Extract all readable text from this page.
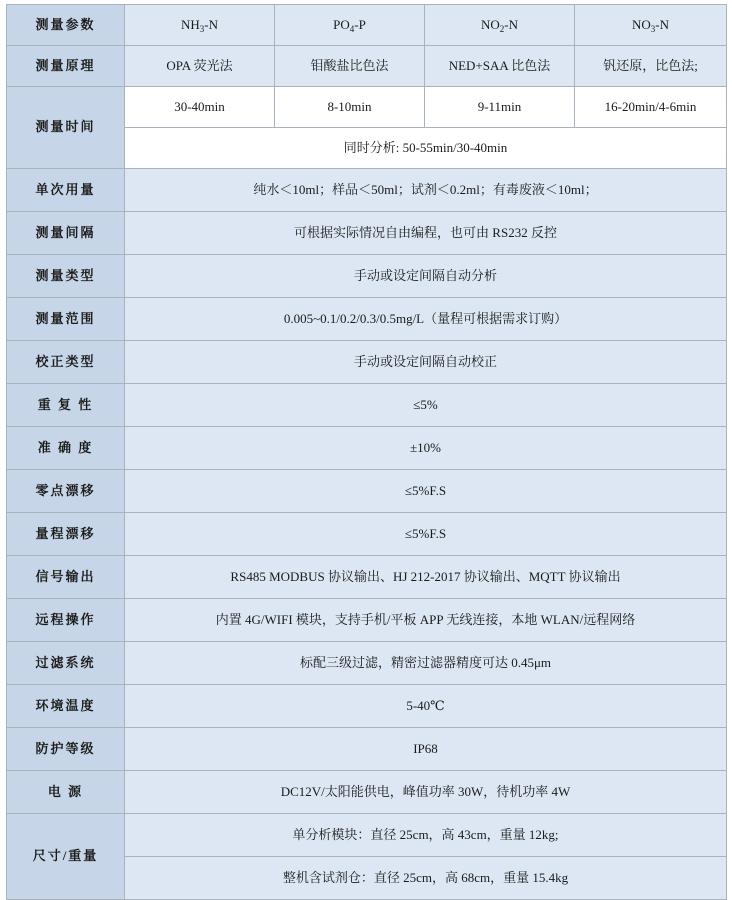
测量参数	$NH_3-N$	$PO_4-P$	$NO_2-N$	$NO_3-N$
测量原理	OPA 荧光法	钼酸盐比色法	NED+SAA 比色法	钒还原，比色法;
测量时间	30-40min	8-10min	9-11min	16-20min/4-6min
	同时分析: 50-55min/30-40min			
单次用量	纯水＜10ml；样品＜50ml；试剂＜0.2ml；有毒废液＜10ml；			
测量间隔	可根据实际情况自由编程，也可由 RS232 反控			
测量类型	手动或设定间隔自动分析			
测量范围	0.005~0.1/0.2/0.3/0.5mg/L（量程可根据需求订购）			
校正类型	手动或设定间隔自动校正			
重 复 性	≤5%			
准 确 度	±10%			
零点漂移	≤5%F.S			
量程漂移	≤5%F.S			
信号输出	RS485 MODBUS 协议输出、HJ 212-2017 协议输出、MQTT 协议输出			
远程操作	内置 4G/WIFI 模块，支持手机/平板 APP 无线连接，本地 WLAN/远程网络			
过滤系统	标配三级过滤，精密过滤器精度可达 0.45μm			
环境温度	5-40℃			
防护等级	IP68			
电 源	DC12V/太阳能供电，峰值功率 30W，待机功率 4W			
尺寸/重量	单分析模块：直径 25cm，高 43cm，重量 12kg;			
	整机含试剂仓：直径 25cm，高 68cm，重量 15.4kg			
